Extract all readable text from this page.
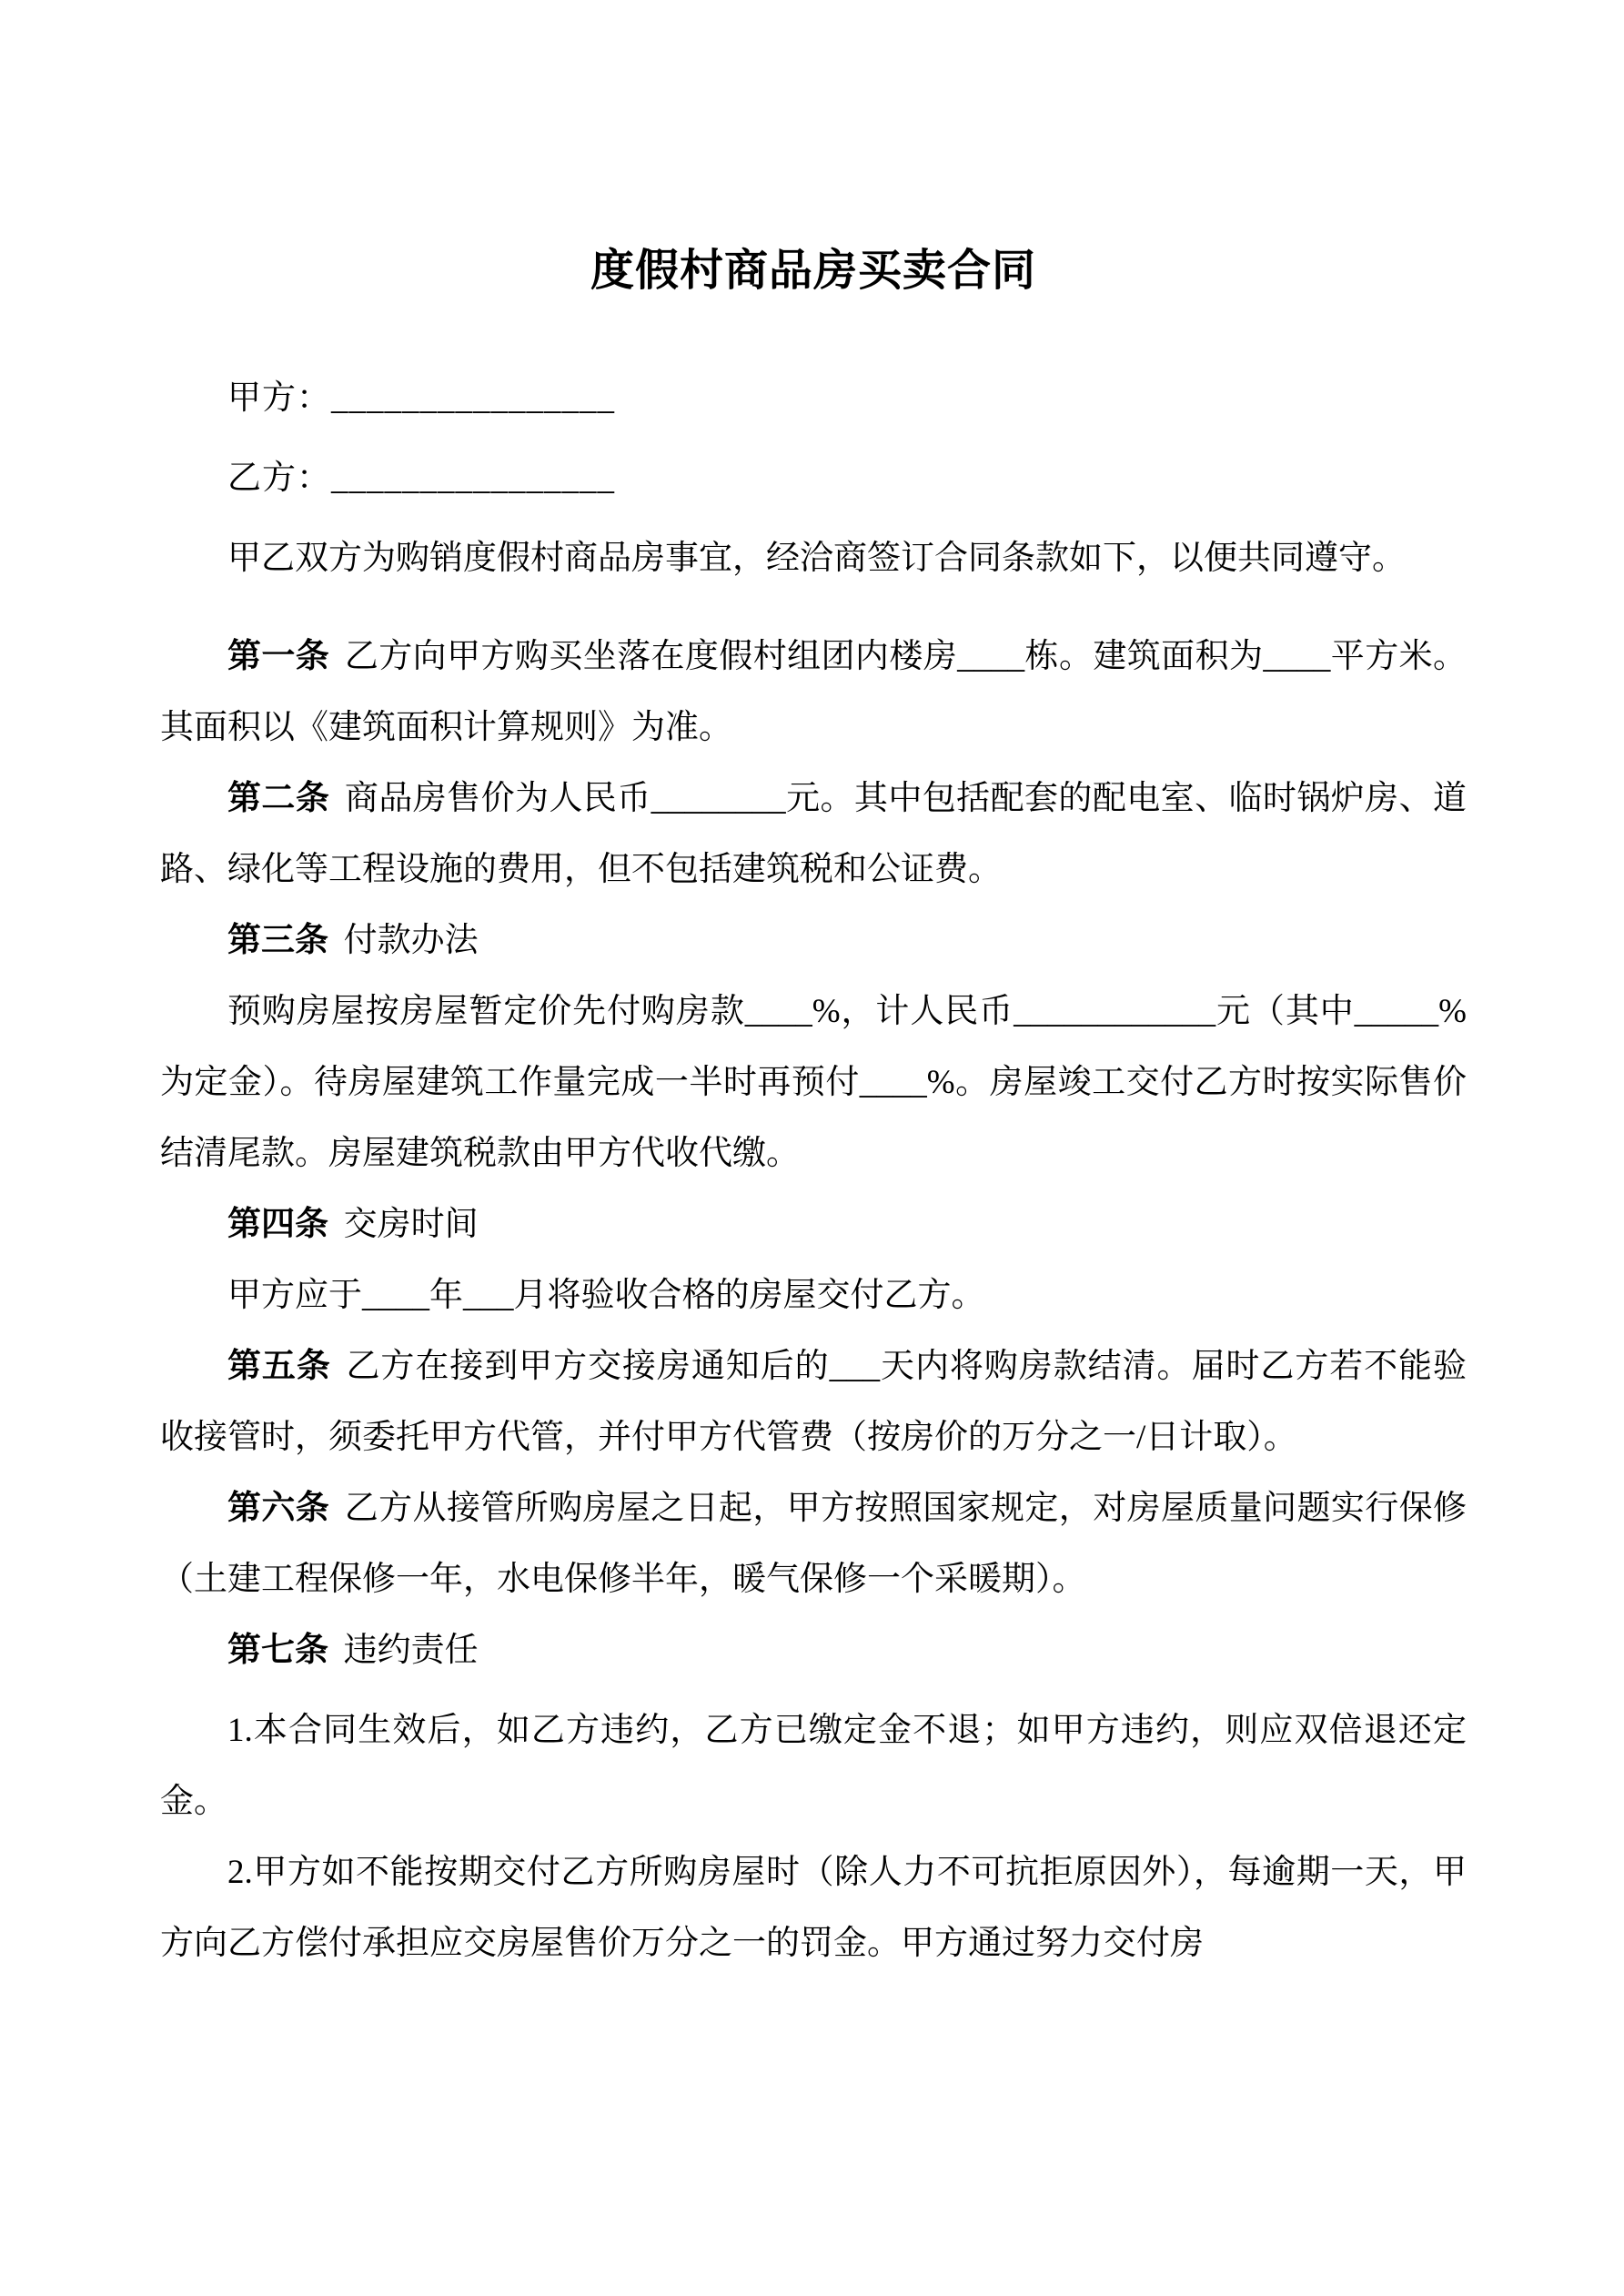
度假村商品房买卖合同

甲方：________________

乙方：________________

甲乙双方为购销度假村商品房事宜，经洽商签订合同条款如下，以便共同遵守。

第一条 乙方向甲方购买坐落在度假村组团内楼房____栋。建筑面积为____平方米。其面积以《建筑面积计算规则》为准。

第二条 商品房售价为人民币________元。其中包括配套的配电室、临时锅炉房、道路、绿化等工程设施的费用，但不包括建筑税和公证费。

第三条 付款办法

预购房屋按房屋暂定价先付购房款____%，计人民币____________元（其中_____%为定金）。待房屋建筑工作量完成一半时再预付____%。房屋竣工交付乙方时按实际售价结清尾款。房屋建筑税款由甲方代收代缴。

第四条 交房时间

甲方应于____年___月将验收合格的房屋交付乙方。

第五条 乙方在接到甲方交接房通知后的___天内将购房款结清。届时乙方若不能验收接管时，须委托甲方代管，并付甲方代管费（按房价的万分之一/日计取）。

第六条 乙方从接管所购房屋之日起，甲方按照国家规定，对房屋质量问题实行保修（土建工程保修一年，水电保修半年，暖气保修一个采暖期）。

第七条 违约责任

1.本合同生效后，如乙方违约，乙方已缴定金不退；如甲方违约，则应双倍退还定金。

2.甲方如不能按期交付乙方所购房屋时（除人力不可抗拒原因外），每逾期一天，甲方向乙方偿付承担应交房屋售价万分之一的罚金。甲方通过努力交付房
